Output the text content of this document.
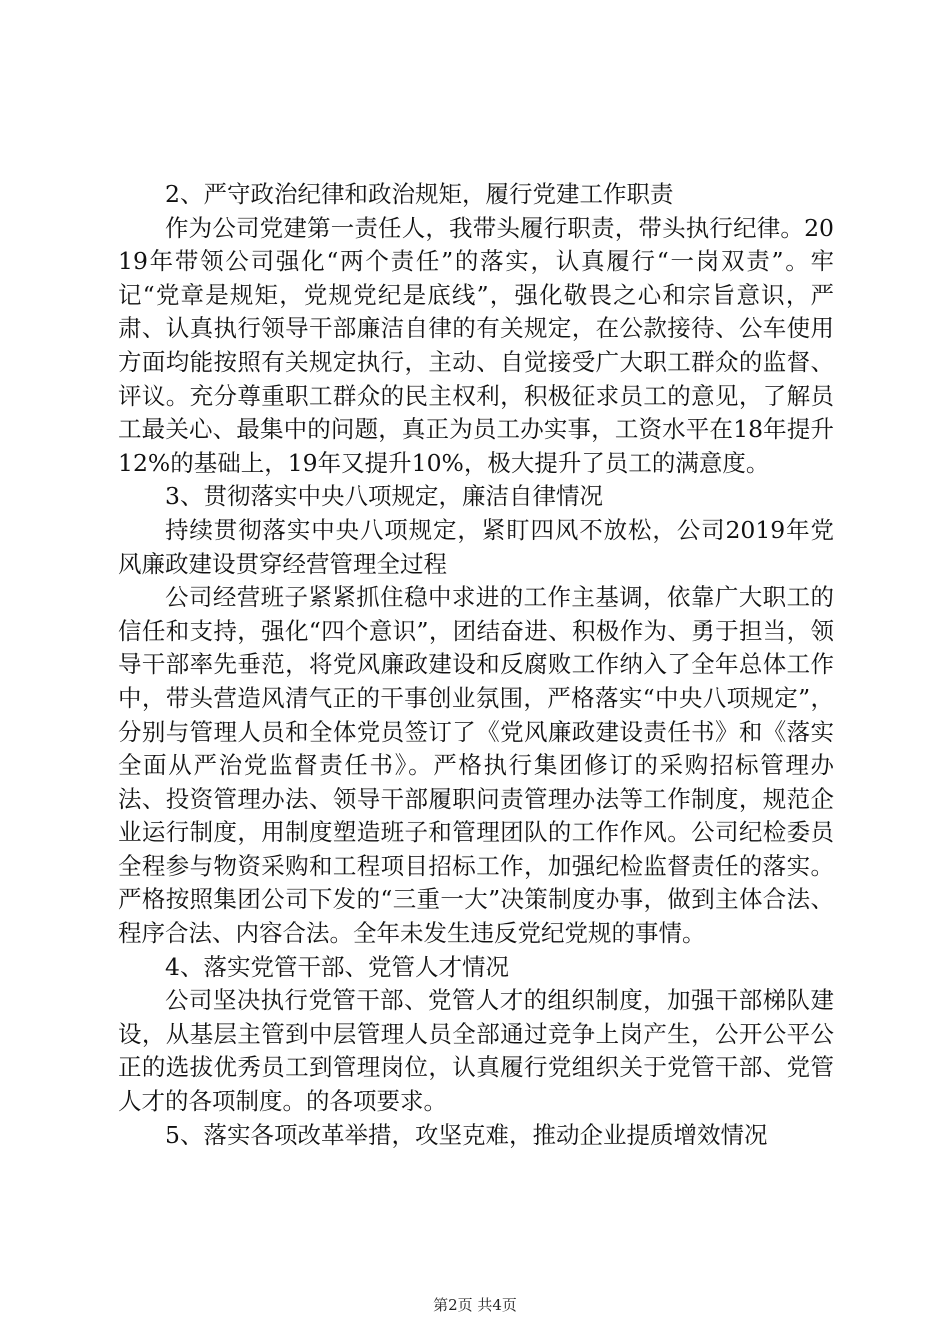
2、严守政治纪律和政治规矩，履行党建工作职责

作为公司党建第一责任人，我带头履行职责，带头执行纪律。2019年带领公司强化“两个责任”的落实，认真履行“一岗双责”。牢记“党章是规矩，党规党纪是底线”，强化敬畏之心和宗旨意识，严肃、认真执行领导干部廉洁自律的有关规定，在公款接待、公车使用方面均能按照有关规定执行，主动、自觉接受广大职工群众的监督、评议。充分尊重职工群众的民主权利，积极征求员工的意见，了解员工最关心、最集中的问题，真正为员工办实事，工资水平在18年提升12%的基础上，19年又提升10%，极大提升了员工的满意度。

3、贯彻落实中央八项规定，廉洁自律情况

持续贯彻落实中央八项规定，紧盯四风不放松，公司2019年党风廉政建设贯穿经营管理全过程

公司经营班子紧紧抓住稳中求进的工作主基调，依靠广大职工的信任和支持，强化“四个意识”，团结奋进、积极作为、勇于担当，领导干部率先垂范，将党风廉政建设和反腐败工作纳入了全年总体工作中，带头营造风清气正的干事创业氛围，严格落实“中央八项规定”，分别与管理人员和全体党员签订了《党风廉政建设责任书》和《落实全面从严治党监督责任书》。严格执行集团修订的采购招标管理办法、投资管理办法、领导干部履职问责管理办法等工作制度，规范企业运行制度，用制度塑造班子和管理团队的工作作风。公司纪检委员全程参与物资采购和工程项目招标工作，加强纪检监督责任的落实。严格按照集团公司下发的“三重一大”决策制度办事，做到主体合法、程序合法、内容合法。全年未发生违反党纪党规的事情。

4、落实党管干部、党管人才情况

公司坚决执行党管干部、党管人才的组织制度，加强干部梯队建设，从基层主管到中层管理人员全部通过竞争上岗产生，公开公平公正的选拔优秀员工到管理岗位，认真履行党组织关于党管干部、党管人才的各项制度。的各项要求。

5、落实各项改革举措，攻坚克难，推动企业提质增效情况

第2页 共4页
